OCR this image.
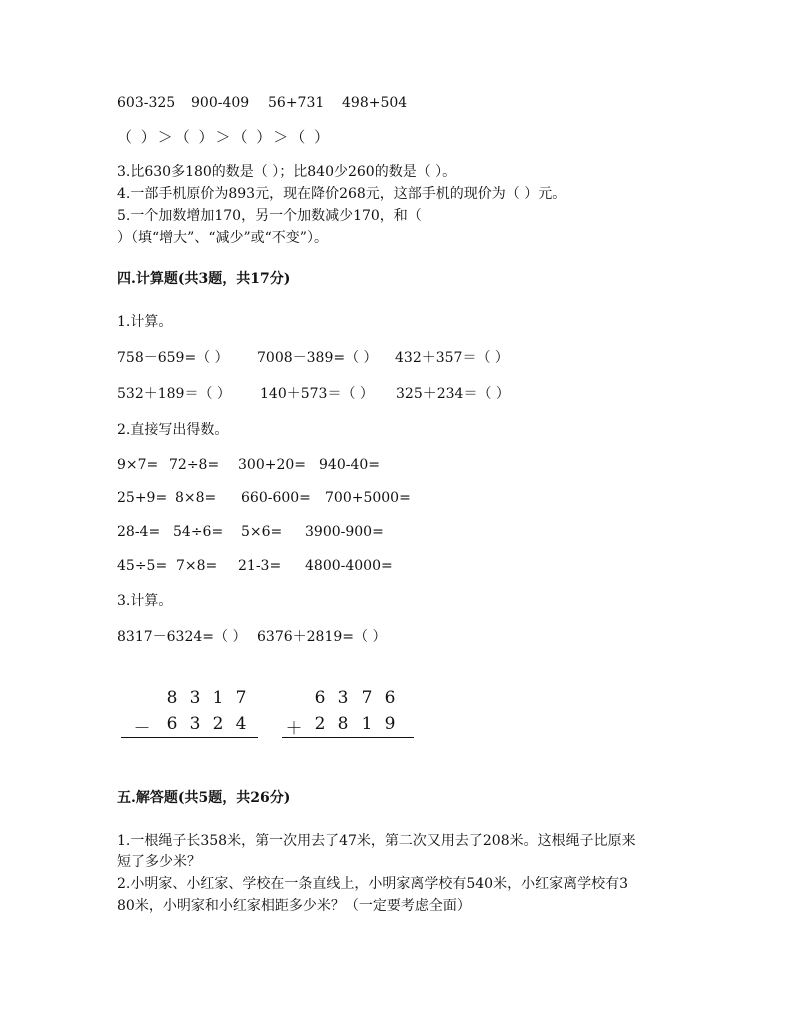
603-325

900-409

56+731

498+504

（ ）＞（ ）＞（ ）＞（ ）
3.比630多180的数是（ ）；比840少260的数是（ ）。
4.一部手机原价为893元，现在降价268元，这部手机的现价为（ ）元。
5.一个加数增加170，另一个加数减少170，和（
）（填“增大”、“减少”或“不变”）。
四.计算题(共3题，共17分)
1.计算。

758－659=（ ）

7008－389=（ ）

432＋357＝（ ）

532＋189＝（ ）

140＋573＝（ ）

325＋234＝（ ）

2.直接写出得数。

9×7=

72÷8=

300+20=

940-40=

25+9=

8×8=

660-600=

700+5000=

28-4=

54÷6=

5×6=

3900-900=

45÷5=

7×8=

21-3=

4800-4000=

3.计算。

8317－6324=（ ）

6376＋2819=（ ）

8 3 1 7
－ 6 3 2 4
6 3 7 6
＋ 2 8 1 9
五.解答题(共5题，共26分)
1.一根绳子长358米，第一次用去了47米，第二次又用去了208米。这根绳子比原来
短了多少米？
2.小明家、小红家、学校在一条直线上，小明家离学校有540米，小红家离学校有3
80米，小明家和小红家相距多少米？（一定要考虑全面）
